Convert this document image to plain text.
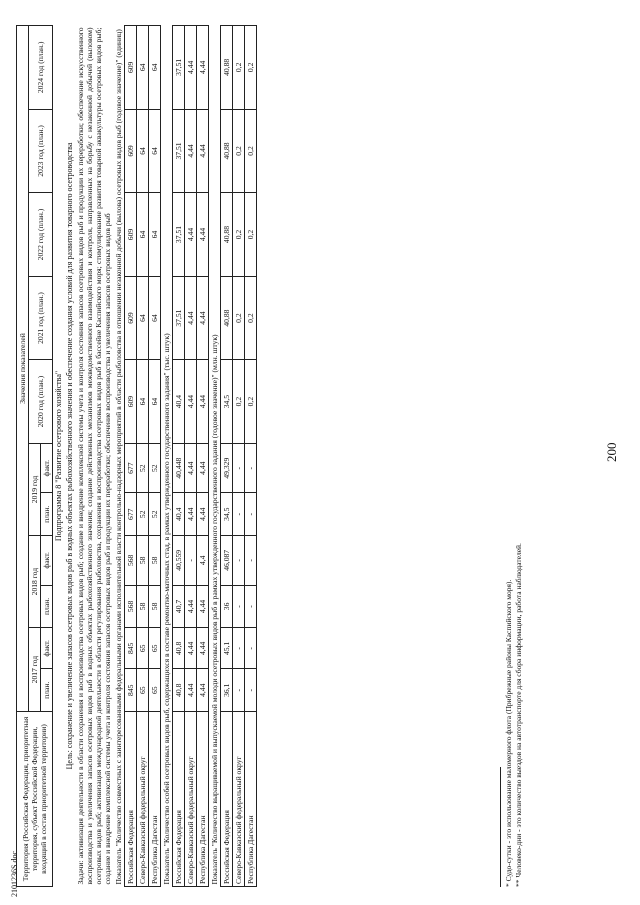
200
2101236S.doc Территория (Российская Федерация, приоритетная территория, субъект Российской Федерации, входящий в состав приоритетной территории)	Значения показателей										
	2017 год		2018 год		2019 год		2020 год (план.)	2021 год (план.)	2022 год (план.)	2023 год (план.)	2024 год (план.)
	план.	факт.	план.	факт.	план.	факт.					
Подпрограмма 8 "Развитие осетрового хозяйства"											
Цель: сохранение и увеличение запасов осетровых видов рыб в водных объектах рыбохозяйственного значения и обеспечение создания условий для развития товарного осетроводства											
Задачи: активизация деятельности в области сохранения и воспроизводства осетровых видов рыб; создание и внедрение комплексной системы учета и контроля состояния запасов осетровых видов рыб и продукции их переработки; обеспечение искусственного воспроизводства и увеличения запасов осетровых видов рыб в водных объектах рыбохозяйственного значения; создание действенных механизмов межведомственного взаимодействия и контроля, направленных на борьбу с незаконной добычей (выловом) осетровых видов рыб; активизация международной деятельности в области регулирования рыболовства, сохранения и воспроизводства осетровых видов рыб в бассейне Каспийского моря; стимулирование развития товарной аквакультуры осетровых видов рыб; создание и внедрение комплексной системы учета и контроля состояния запасов осетровых видов рыб и продукции их переработки; обеспечение воспроизводства и увеличения запасов осетровых видов рыб											
Показатель "Количество совместных с заинтересованными федеральными органами исполнительной власти контрольно-надзорных мероприятий в области рыболовства в отношении незаконной добычи (вылова) осетровых видов рыб (годовое значение)" (единиц)											
Российская Федерация	845	845	568	568	677	677	609	609	609	609	609
Северо-Кавказский федеральный округ	65	65	58	58	52	52	64	64	64	64	64
Республика Дагестан	65	65	58	58	52	52	64	64	64	64	64
Показатель "Количество особей осетровых видов рыб, содержащихся в составе ремонтно-маточных стад, в рамках утвержденного государственного задания" (тыс. штук)											
Российская Федерация	40,8	40,8	40,7	40,559	40,4	40,448	40,4	37,51	37,51	37,51	37,51
Северо-Кавказский федеральный округ	4,44	4,44	4,44	-	4,44	4,44	4,44	4,44	4,44	4,44	4,44
Республика Дагестан	4,44	4,44	4,44	4,4	4,44	4,44	4,44	4,44	4,44	4,44	4,44
Показатель "Количество выращиваемой и выпускаемой молоди осетровых видов рыб в рамках утвержденного государственного задания (годовое значение)" (млн. штук)											
Российская Федерация	36,1	45,1	36	46,087	34,5	49,329	34,5	40,88	40,88	40,88	40,88
Северо-Кавказский федеральный округ	-	-	-	-	-	-	0,2	0,2	0,2	0,2	0,2
Республика Дагестан	-	-	-	-	-	-	0,2	0,2	0,2	0,2	0,2
* Судо-сутки - это использование маломерного флота (Прибрежные районы Каспийского моря). ** Человеко-дни - это количество выездов на автотранспорте для сбора информации, работа наблюдателей.
